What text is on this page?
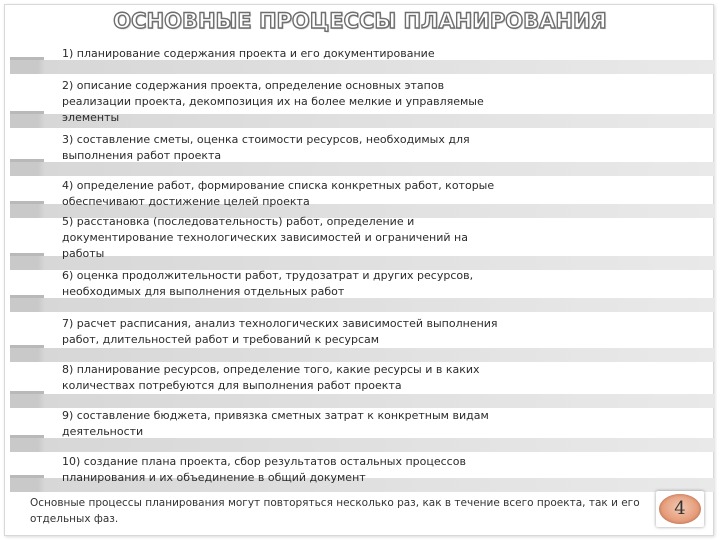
ОСНОВНЫЕ ПРОЦЕССЫ ПЛАНИРОВАНИЯ
1) планирование содержания проекта и его документирование
2) описание содержания проекта, определение основных этапов
реализации проекта, декомпозиция их на более мелкие и управляемые
элементы
3) составление сметы, оценка стоимости ресурсов, необходимых для
выполнения работ проекта
4) определение работ, формирование списка конкретных работ, которые
обеспечивают достижение целей проекта
5) расстановка (последовательность) работ, определение и
документирование технологических зависимостей и ограничений на
работы
6) оценка продолжительности работ, трудозатрат и других ресурсов,
необходимых для выполнения отдельных работ
7) расчет расписания, анализ технологических зависимостей выполнения
работ, длительностей работ и требований к ресурсам
8) планирование ресурсов, определение того, какие ресурсы и в каких
количествах потребуются для выполнения работ проекта
9) составление бюджета, привязка сметных затрат к конкретным видам
деятельности
10) создание плана проекта, сбор результатов остальных процессов
планирования и их объединение в общий документ
Основные процессы планирования могут повторяться несколько раз, как в течение всего проекта, так и его отдельных фаз.	4
